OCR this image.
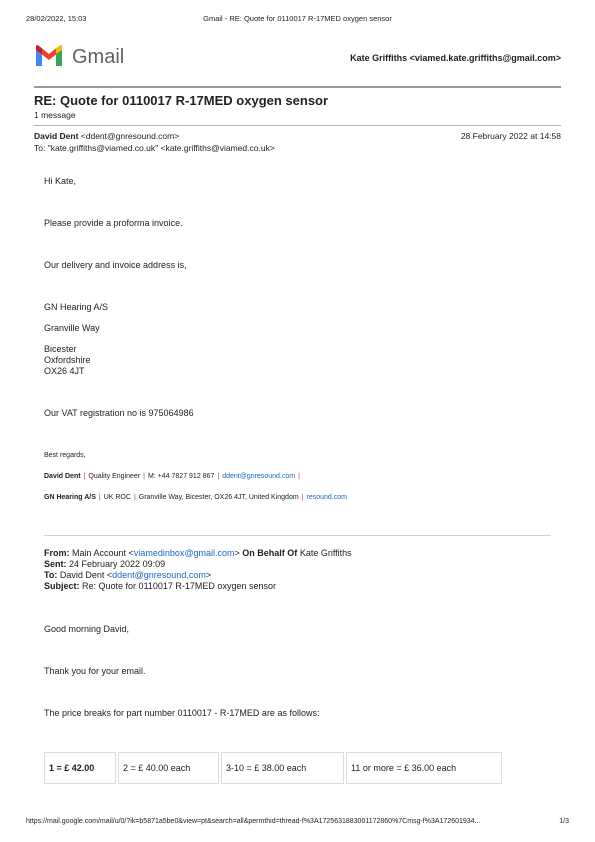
28/02/2022, 15:03	Gmail - RE: Quote for 0110017 R-17MED oxygen sensor
Gmail	Kate Griffiths <viamed.kate.griffiths@gmail.com>
RE: Quote for 0110017 R-17MED oxygen sensor
1 message
David Dent <ddent@gnresound.com>	28 February 2022 at 14:58
To: "kate.griffiths@viamed.co.uk" <kate.griffiths@viamed.co.uk>
Hi Kate,
Please provide a proforma invoice.
Our delivery and invoice address is,
GN Hearing A/S
Granville Way
Bicester
Oxfordshire
OX26 4JT
Our VAT registration no is 975064986
Best regards,
David Dent | Quality Engineer | M: +44 7827 912 867 | ddent@gnresound.com |
GN Hearing A/S | UK ROC | Granville Way, Bicester, OX26 4JT, United Kingdom | resound.com
From: Main Account <viamedinbox@gmail.com> On Behalf Of Kate Griffiths
Sent: 24 February 2022 09:09
To: David Dent <ddent@gnresound.com>
Subject: Re: Quote for 0110017 R-17MED oxygen sensor
Good morning David,
Thank you for your email.
The price breaks for part number 0110017 - R-17MED are as follows:
1 = £ 42.00	2 = £ 40.00 each	3-10 = £ 38.00 each	11 or more = £ 36.00 each
https://mail.google.com/mail/u/0/?ik=b5871a5be0&view=pt&search=all&permthid=thread-f%3A1725631883001172860%7Cmsg-f%3A172601934...	1/3
